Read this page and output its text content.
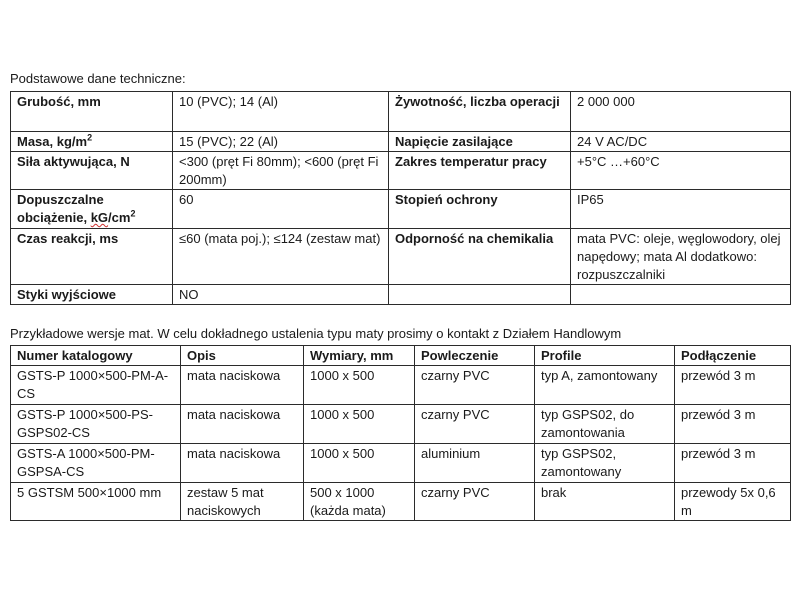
Podstawowe dane techniczne:
Grubość, mm	10 (PVC); 14 (Al)	Żywotność, liczba operacji	2 000 000
Masa, $kg/m^2$	15 (PVC); 22 (Al)	Napięcie zasilające	24 V AC/DC
Siła aktywująca, N	<300 (pręt Fi 80mm); <600 (pręt Fi 200mm)	Zakres temperatur pracy	+5°C …+60°C
Dopuszczalne obciążenie, $kG/cm^2$	60	Stopień ochrony	IP65
Czas reakcji, ms	≤60 (mata poj.); ≤124 (zestaw mat)	Odporność na chemikalia	mata PVC: oleje, węglowodory, olej napędowy; mata Al dodatkowo: rozpuszczalniki
Styki wyjściowe	NO		
Przykładowe wersje mat. W celu dokładnego ustalenia typu maty prosimy o kontakt z Działem Handlowym
Numer katalogowy	Opis	Wymiary, mm	Powleczenie	Profile	Podłączenie
GSTS-P 1000×500-PM-A-CS	mata naciskowa	1000 x 500	czarny PVC	typ A, zamontowany	przewód 3 m
GSTS-P 1000×500-PS-GSPS02-CS	mata naciskowa	1000 x 500	czarny PVC	typ GSPS02, do zamontowania	przewód 3 m
GSTS-A 1000×500-PM-GSPSA-CS	mata naciskowa	1000 x 500	aluminium	typ GSPS02, zamontowany	przewód 3 m
5 GSTSM 500×1000 mm	zestaw 5 mat naciskowych	500 x 1000 (każda mata)	czarny PVC	brak	przewody 5x 0,6 m
